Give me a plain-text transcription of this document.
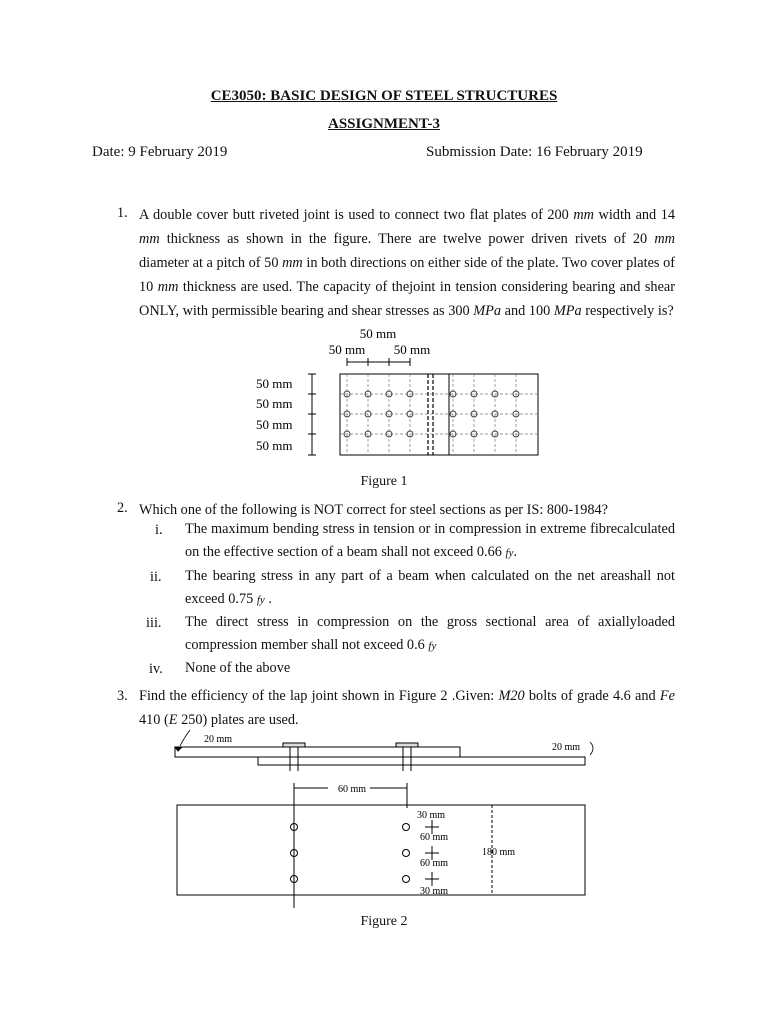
CE3050: BASIC DESIGN OF STEEL STRUCTURES
ASSIGNMENT-3
Date: 9 February 2019	Submission Date: 16 February 2019
1. A double cover butt riveted joint is used to connect two flat plates of 200 mm width and 14 mm thickness as shown in the figure. There are twelve power driven rivets of 20 mm diameter at a pitch of 50 mm in both directions on either side of the plate. Two cover plates of 10 mm thickness are used. The capacity of thejoint in tension considering bearing and shear ONLY, with permissible bearing and shear stresses as 300 MPa and 100 MPa respectively is?
50 mm
50 mm 50 mm
50 mm
50 mm
50 mm
50 mm
Figure 1
2. Which one of the following is NOT correct for steel sections as per IS: 800-1984?
i. The maximum bending stress in tension or in compression in extreme fibrecalculated on the effective section of a beam shall not exceed 0.66 fy.
ii. The bearing stress in any part of a beam when calculated on the net areashall not exceed 0.75 fy .
iii. The direct stress in compression on the gross sectional area of axiallyloaded compression member shall not exceed 0.6 fy
iv. None of the above
3. Find the efficiency of the lap joint shown in Figure 2 .Given: M20 bolts of grade 4.6 and Fe 410 (E 250) plates are used.
20 mm
20 mm
60 mm
30 mm
60 mm
60 mm
30 mm
180 mm
Figure 2
